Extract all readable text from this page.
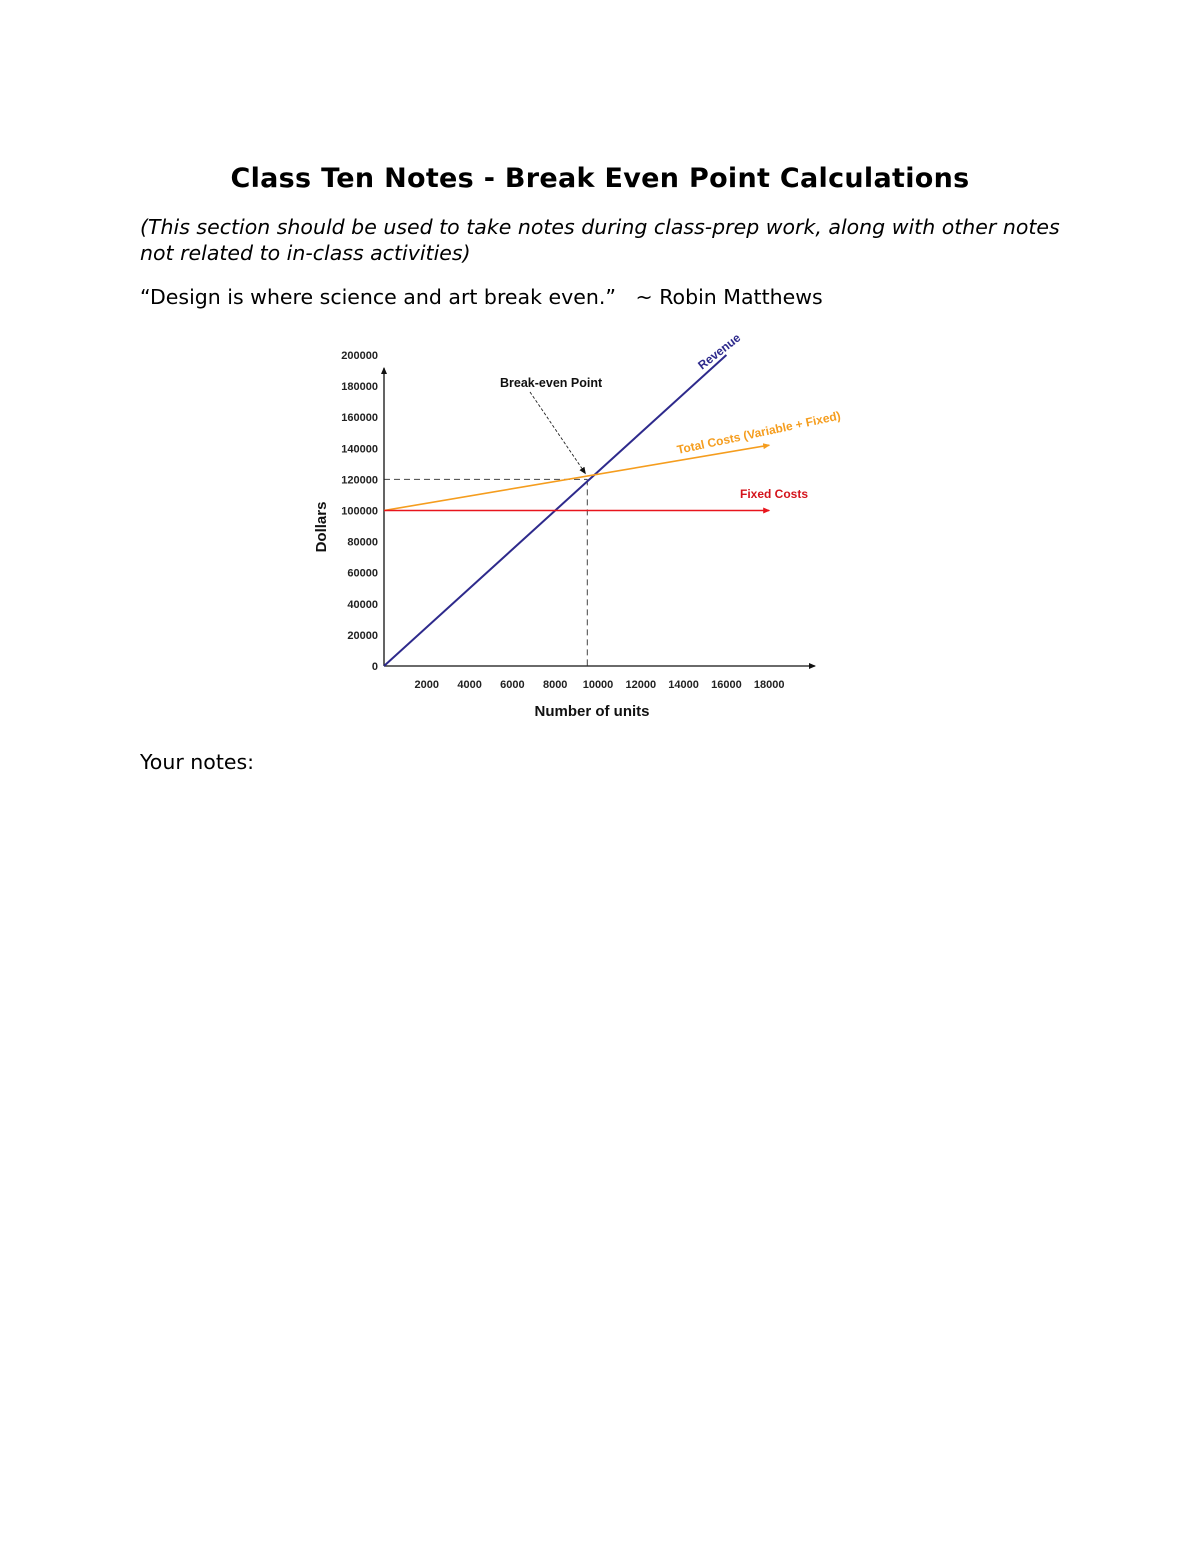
Class Ten Notes - Break Even Point Calculations
(This section should be used to take notes during class-prep work, along with other notes not related to in-class activities)
“Design is where science and art break even.”   ~ Robin Matthews
0
20000
40000
60000
80000
100000
120000
140000
160000
180000
200000
2000 4000 6000 8000 10000 12000 14000 16000 18000
Number of units
Dollars
Break-even Point
Revenue
Total Costs (Variable + Fixed)
Fixed Costs
Your notes:
